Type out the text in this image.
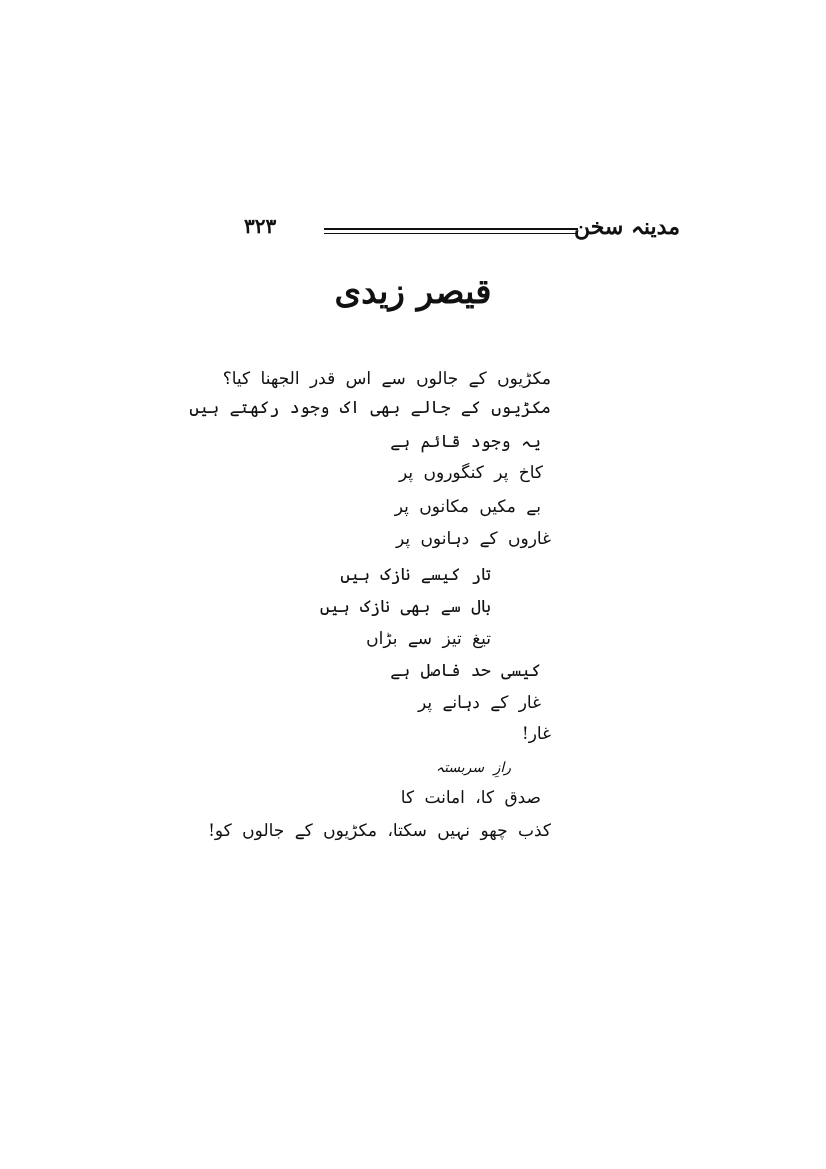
۳۲۳	مدینہ سخن
قیصر زیدی
مکڑیوں کے جالوں سے اس قدر الجھنا کیا؟
مکڑیوں کے جالے بھی اک وجود رکھتے ہیں
یہ وجود قائم ہے
کاخ پر کنگوروں پر
بے مکیں مکانوں پر
غاروں کے دہانوں پر
تار کیسے نازک ہیں
بال سے بھی نازک ہیں
تیغ تیز سے بڑاں
کیسی حد فاصل ہے
غار کے دہانے پر
غار!
رازِ سربستہ
صدق کا، امانت کا
کذب چھو نہیں سکتا، مکڑیوں کے جالوں کو!
